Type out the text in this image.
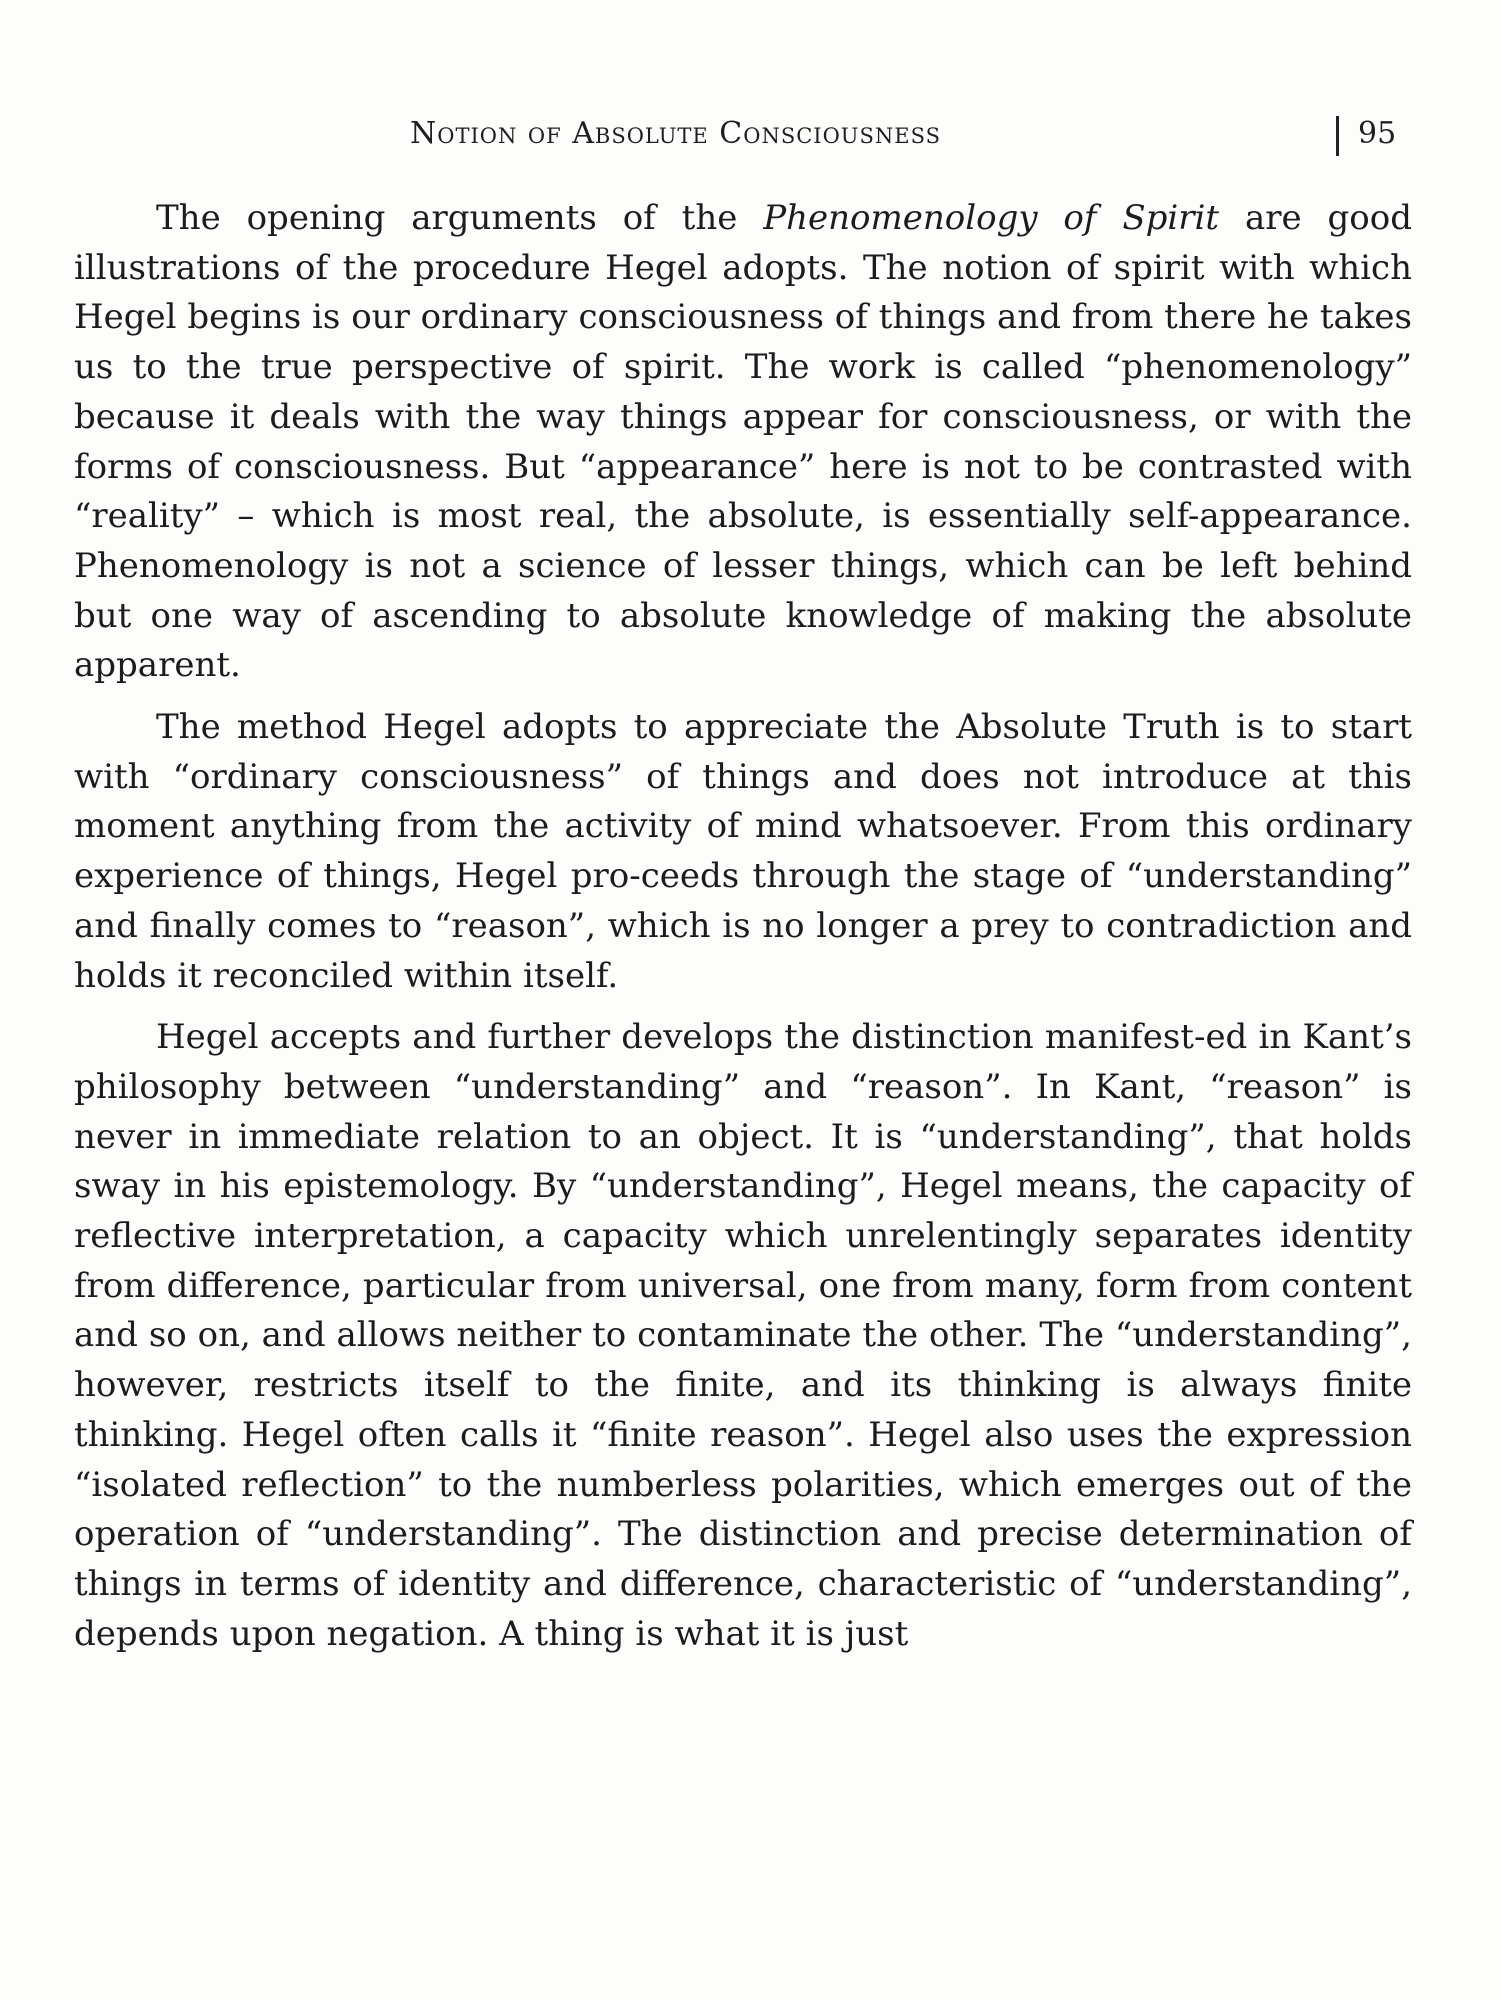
Notion of Absolute Consciousness	95

The opening arguments of the Phenomenology of Spirit are good illustrations of the procedure Hegel adopts. The notion of spirit with which Hegel begins is our ordinary consciousness of things and from there he takes us to the true perspective of spirit. The work is called “phenomenology” because it deals with the way things appear for consciousness, or with the forms of consciousness. But “appearance” here is not to be contrasted with “reality” – which is most real, the absolute, is essentially self-appearance. Phenomenology is not a science of lesser things, which can be left behind but one way of ascending to absolute knowledge of making the absolute apparent.

The method Hegel adopts to appreciate the Absolute Truth is to start with “ordinary consciousness” of things and does not introduce at this moment anything from the activity of mind whatsoever. From this ordinary experience of things, Hegel pro-ceeds through the stage of “understanding” and finally comes to “reason”, which is no longer a prey to contradiction and holds it reconciled within itself.

Hegel accepts and further develops the distinction manifest-ed in Kant’s philosophy between “understanding” and “reason”. In Kant, “reason” is never in immediate relation to an object. It is “understanding”, that holds sway in his epistemology. By “understanding”, Hegel means, the capacity of reflective interpretation, a capacity which unrelentingly separates identity from difference, particular from universal, one from many, form from content and so on, and allows neither to contaminate the other. The “understanding”, however, restricts itself to the finite, and its thinking is always finite thinking. Hegel often calls it “finite reason”. Hegel also uses the expression “isolated reflection” to the numberless polarities, which emerges out of the operation of “understanding”. The distinction and precise determination of things in terms of identity and difference, characteristic of “understanding”, depends upon negation. A thing is what it is just
